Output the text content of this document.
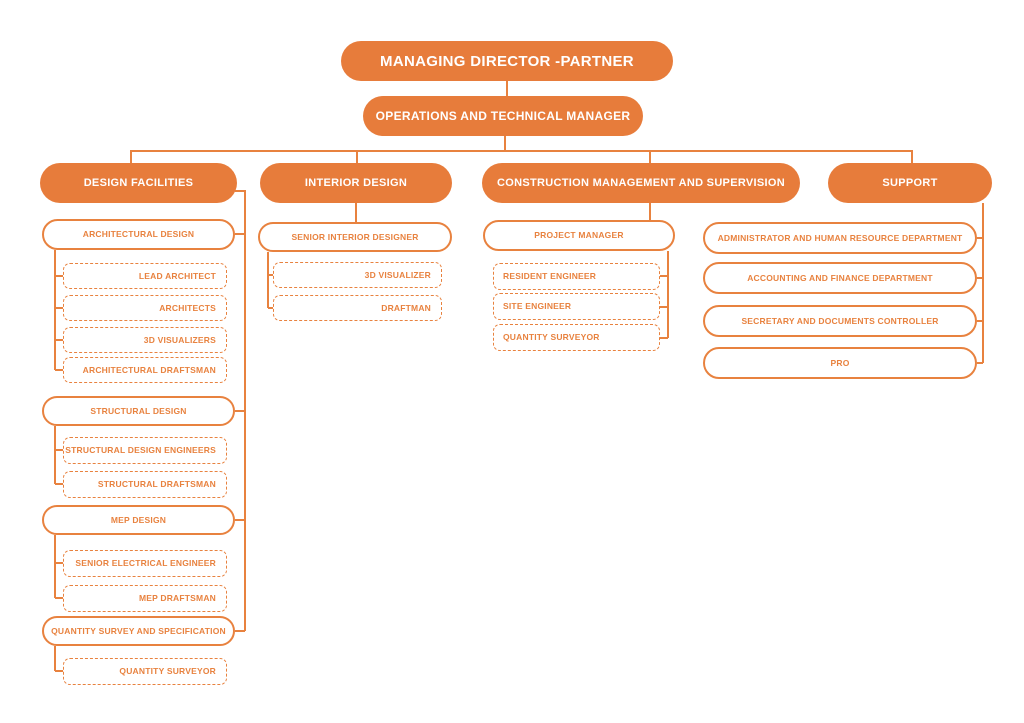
MANAGING DIRECTOR -PARTNER
OPERATIONS AND TECHNICAL MANAGER
DESIGN FACILITIES	INTERIOR DESIGN	CONSTRUCTION MANAGEMENT AND SUPERVISION	SUPPORT
ARCHITECTURAL DESIGN
LEAD ARCHITECT
ARCHITECTS
3D VISUALIZERS
ARCHITECTURAL DRAFTSMAN
STRUCTURAL DESIGN
STRUCTURAL DESIGN ENGINEERS
STRUCTURAL DRAFTSMAN
MEP DESIGN
SENIOR ELECTRICAL ENGINEER
MEP DRAFTSMAN
QUANTITY SURVEY AND SPECIFICATION
QUANTITY SURVEYOR
SENIOR INTERIOR DESIGNER
3D VISUALIZER
DRAFTMAN
PROJECT MANAGER
RESIDENT ENGINEER
SITE ENGINEER
QUANTITY SURVEYOR
ADMINISTRATOR AND HUMAN RESOURCE DEPARTMENT
ACCOUNTING AND FINANCE DEPARTMENT
SECRETARY AND DOCUMENTS CONTROLLER
PRO
